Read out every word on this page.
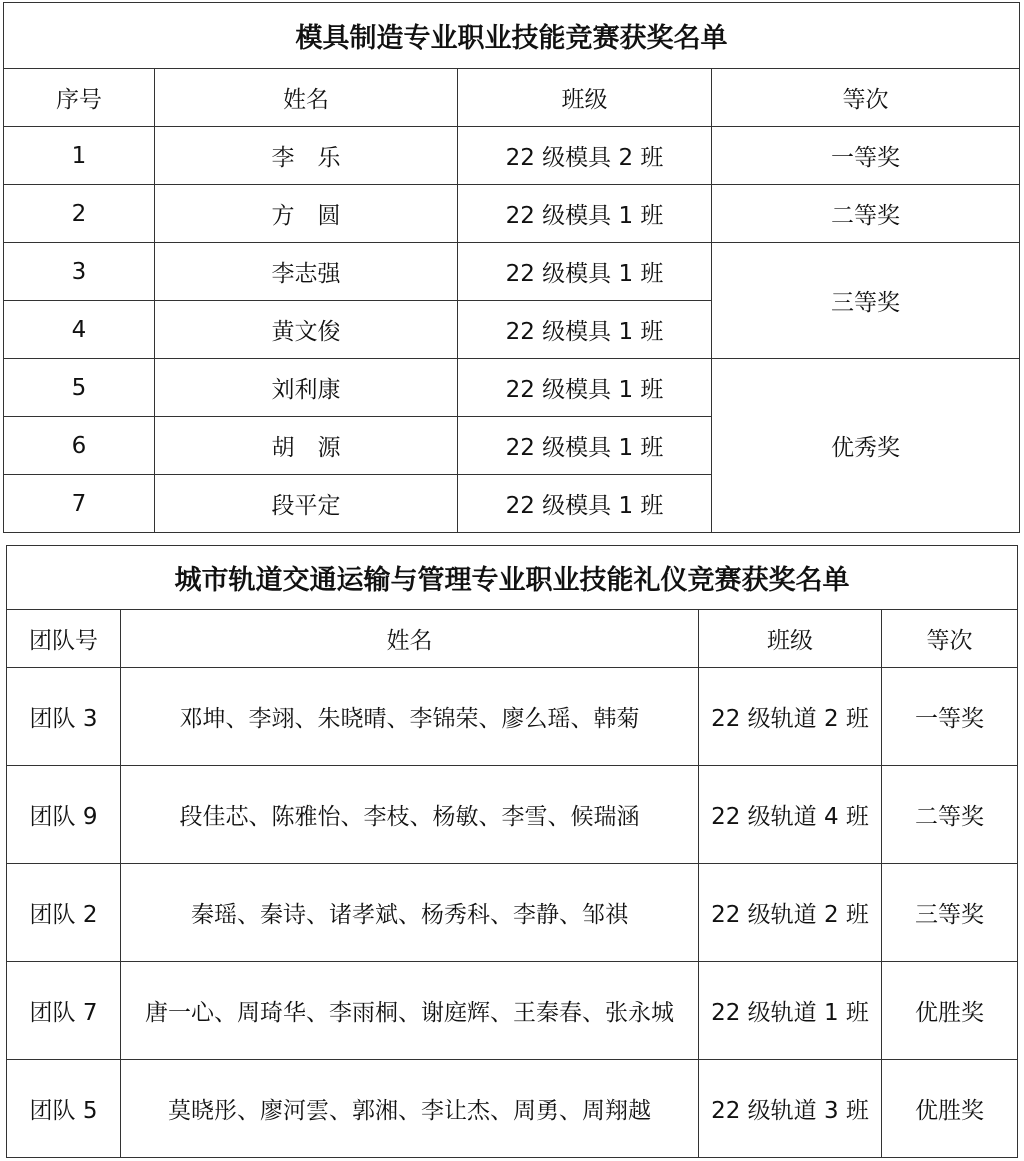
模具制造专业职业技能竞赛获奖名单			
序号	姓名	班级	等次
1	李　乐	22 级模具 2 班	一等奖
2	方　圆	22 级模具 1 班	二等奖
3	李志强	22 级模具 1 班	三等奖
4	黄文俊	22 级模具 1 班	
5	刘利康	22 级模具 1 班	优秀奖
6	胡　源	22 级模具 1 班	
7	段平定	22 级模具 1 班	
城市轨道交通运输与管理专业职业技能礼仪竞赛获奖名单			
团队号	姓名	班级	等次
团队 3	邓坤、李翊、朱晓晴、李锦荣、廖么瑶、韩菊	22 级轨道 2 班	一等奖
团队 9	段佳芯、陈雅怡、李枝、杨敏、李雪、候瑞涵	22 级轨道 4 班	二等奖
团队 2	秦瑶、秦诗、诸孝斌、杨秀科、李静、邹祺	22 级轨道 2 班	三等奖
团队 7	唐一心、周琦华、李雨桐、谢庭辉、王秦春、张永城	22 级轨道 1 班	优胜奖
团队 5	莫晓彤、廖河雲、郭湘、李让杰、周勇、周翔越	22 级轨道 3 班	优胜奖
